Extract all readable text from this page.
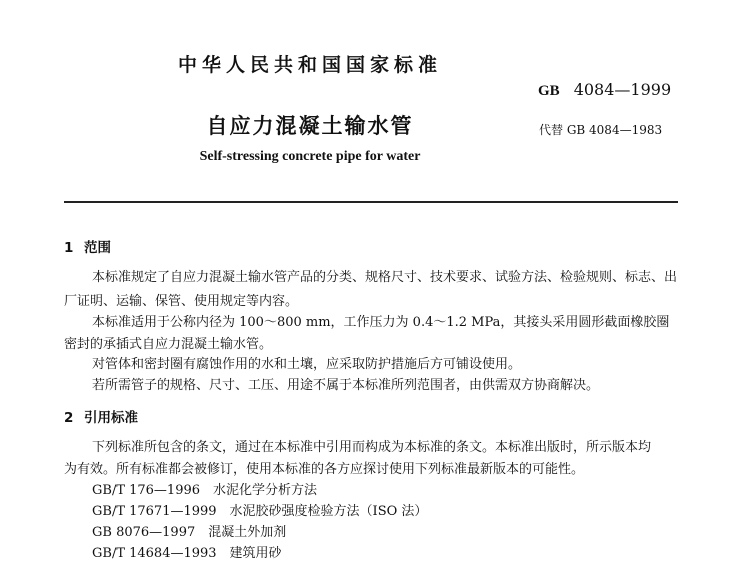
中华人民共和国国家标准
GB 4084—1999
自应力混凝土输水管	代替 GB 4084—1983
Self-stressing concrete pipe for water
1 范围
本标准规定了自应力混凝土输水管产品的分类、规格尺寸、技术要求、试验方法、检验规则、标志、出
厂证明、运输、保管、使用规定等内容。
本标准适用于公称内径为 100～800 mm，工作压力为 0.4～1.2 MPa，其接头采用圆形截面橡胶圈
密封的承插式自应力混凝土输水管。
对管体和密封圈有腐蚀作用的水和土壤，应采取防护措施后方可铺设使用。
若所需管子的规格、尺寸、工压、用途不属于本标准所列范围者，由供需双方协商解决。
2 引用标准
下列标准所包含的条文，通过在本标准中引用而构成为本标准的条文。本标准出版时，所示版本均
为有效。所有标准都会被修订，使用本标准的各方应探讨使用下列标准最新版本的可能性。
GB/T 176—1996　水泥化学分析方法
GB/T 17671—1999　水泥胶砂强度检验方法（ISO 法）
GB 8076—1997　混凝土外加剂
GB/T 14684—1993　建筑用砂
